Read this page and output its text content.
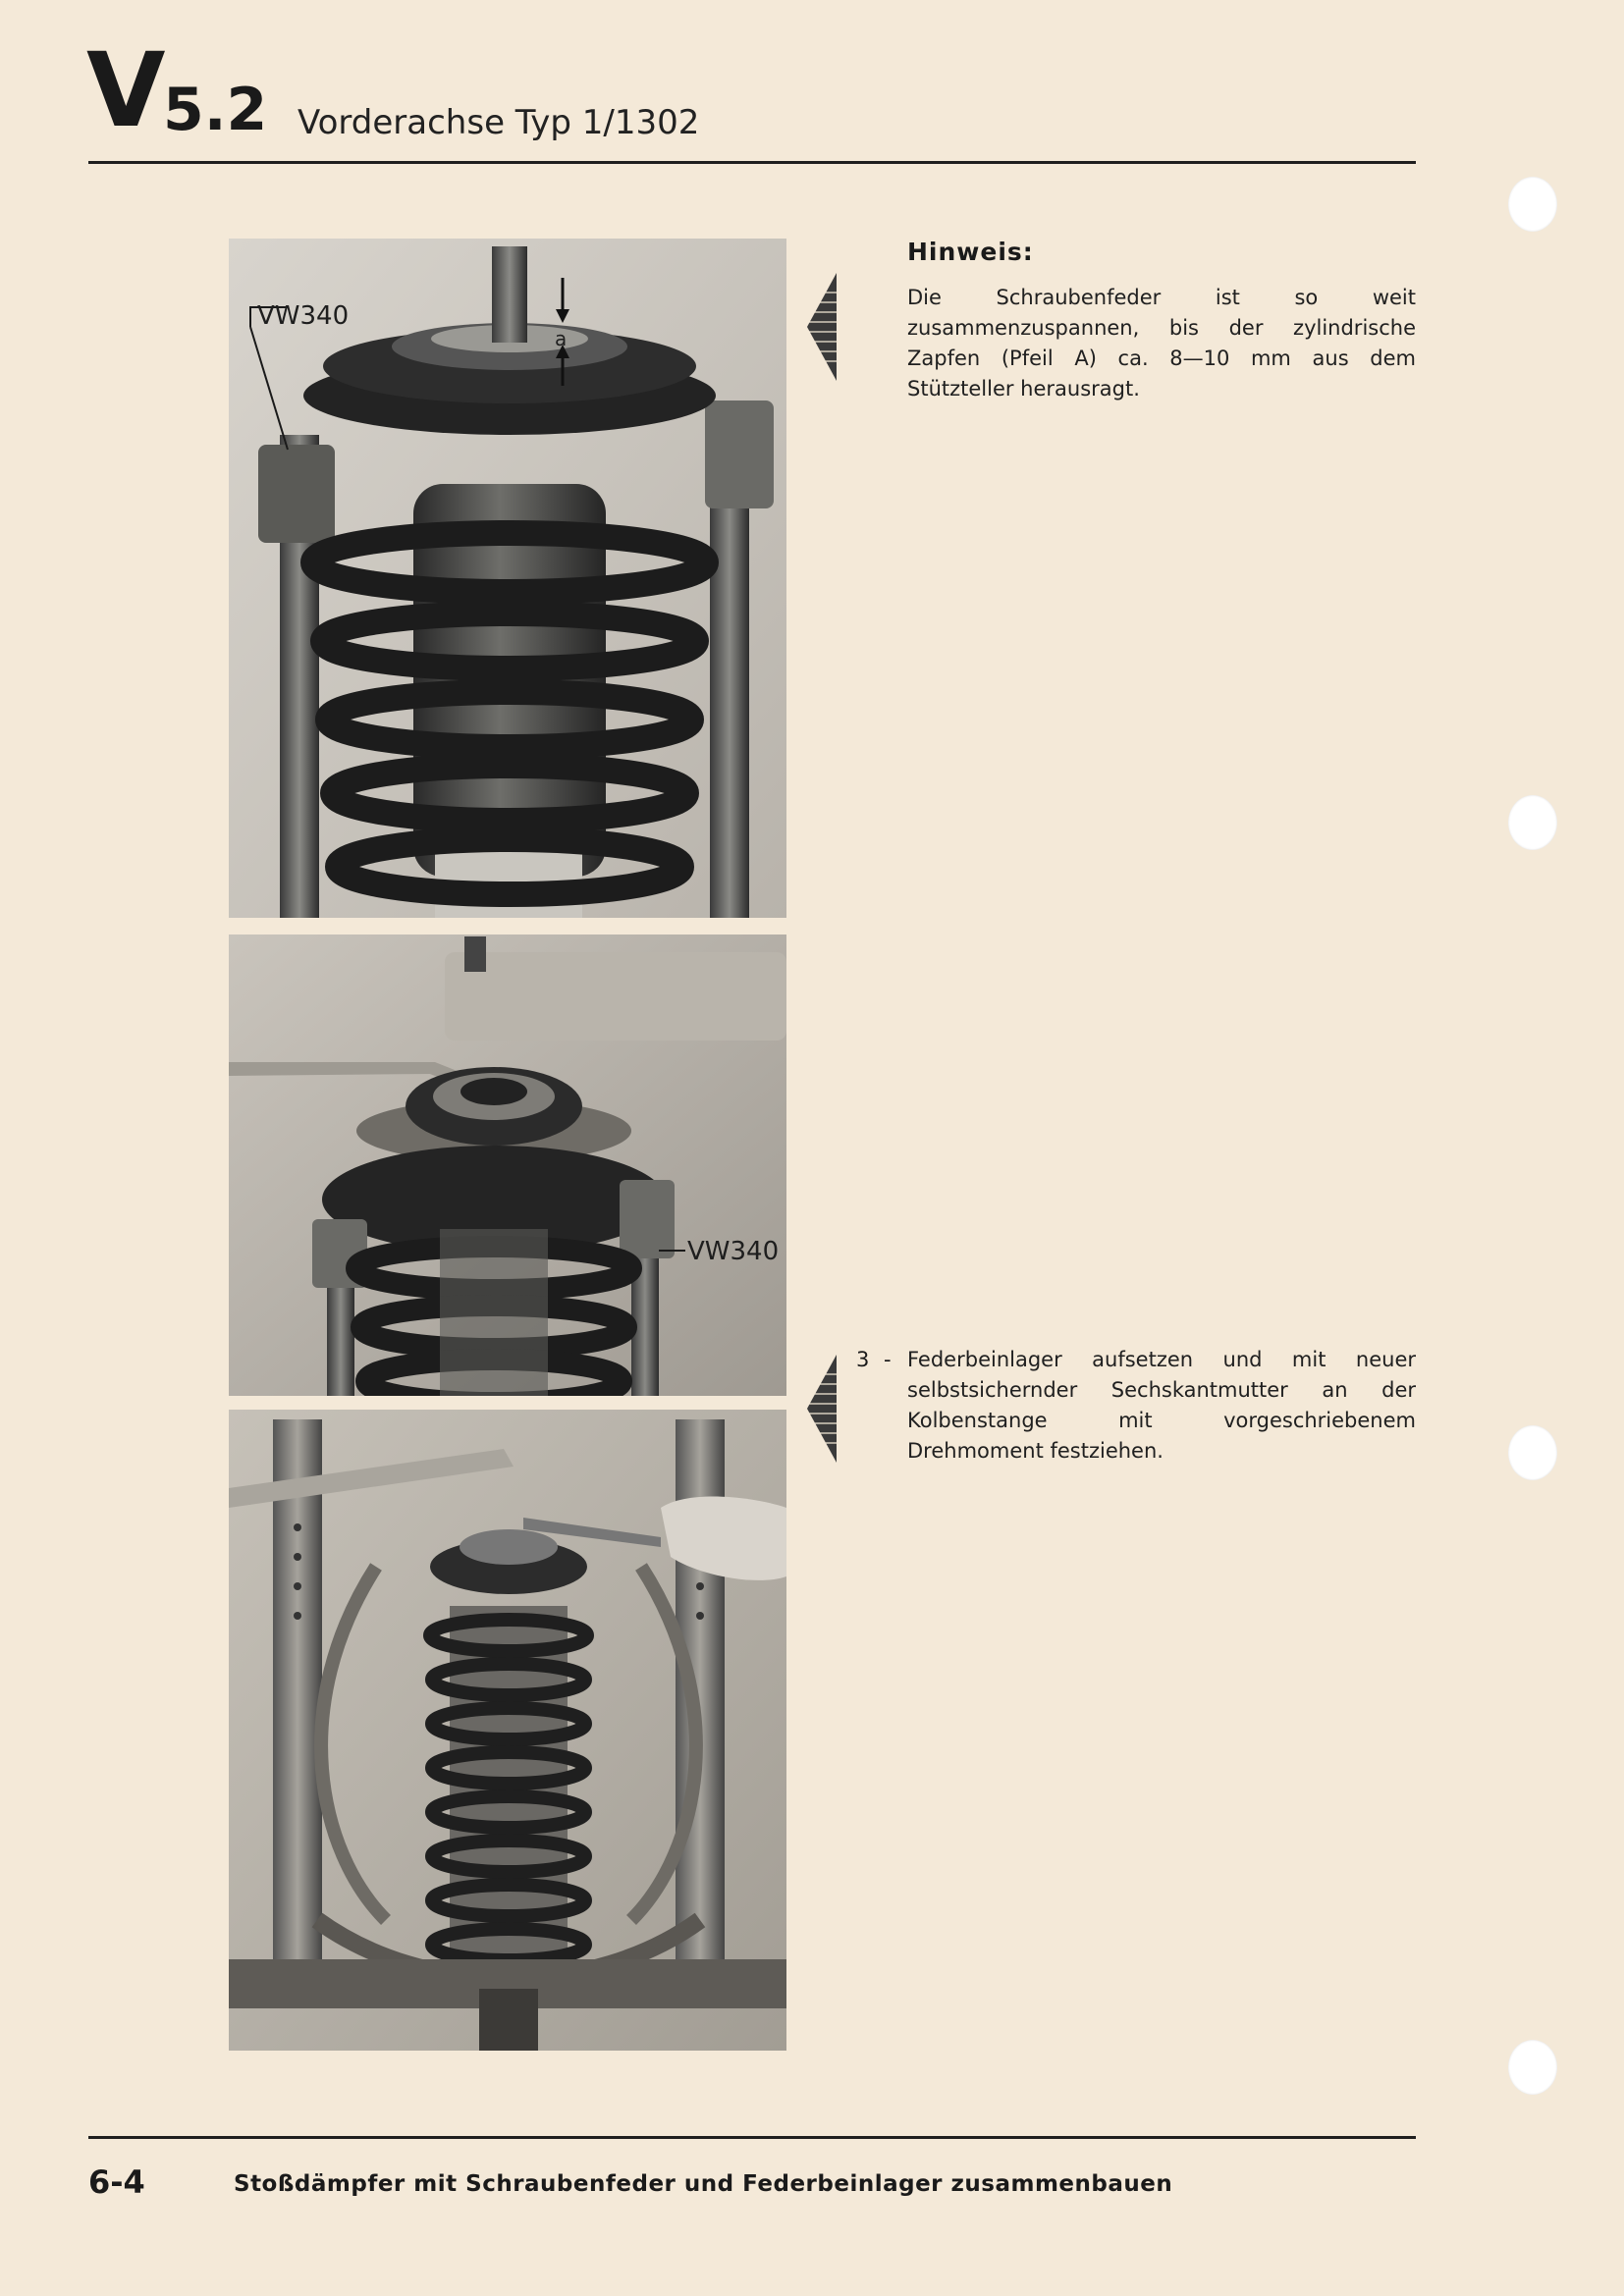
V 5.2 Vorderachse Typ 1/1302
VW340
a
VW340
Hinweis:
Die Schraubenfeder ist so weit zusammenzuspannen, bis der zylindrische Zapfen (Pfeil A) ca. 8—10 mm aus dem Stützteller herausragt.
3 - Federbeinlager aufsetzen und mit neuer selbstsichernder Sechskantmutter an der Kolbenstange mit vorgeschriebenem Drehmoment festziehen.
6-4	Stoßdämpfer mit Schraubenfeder und Federbeinlager zusammenbauen
